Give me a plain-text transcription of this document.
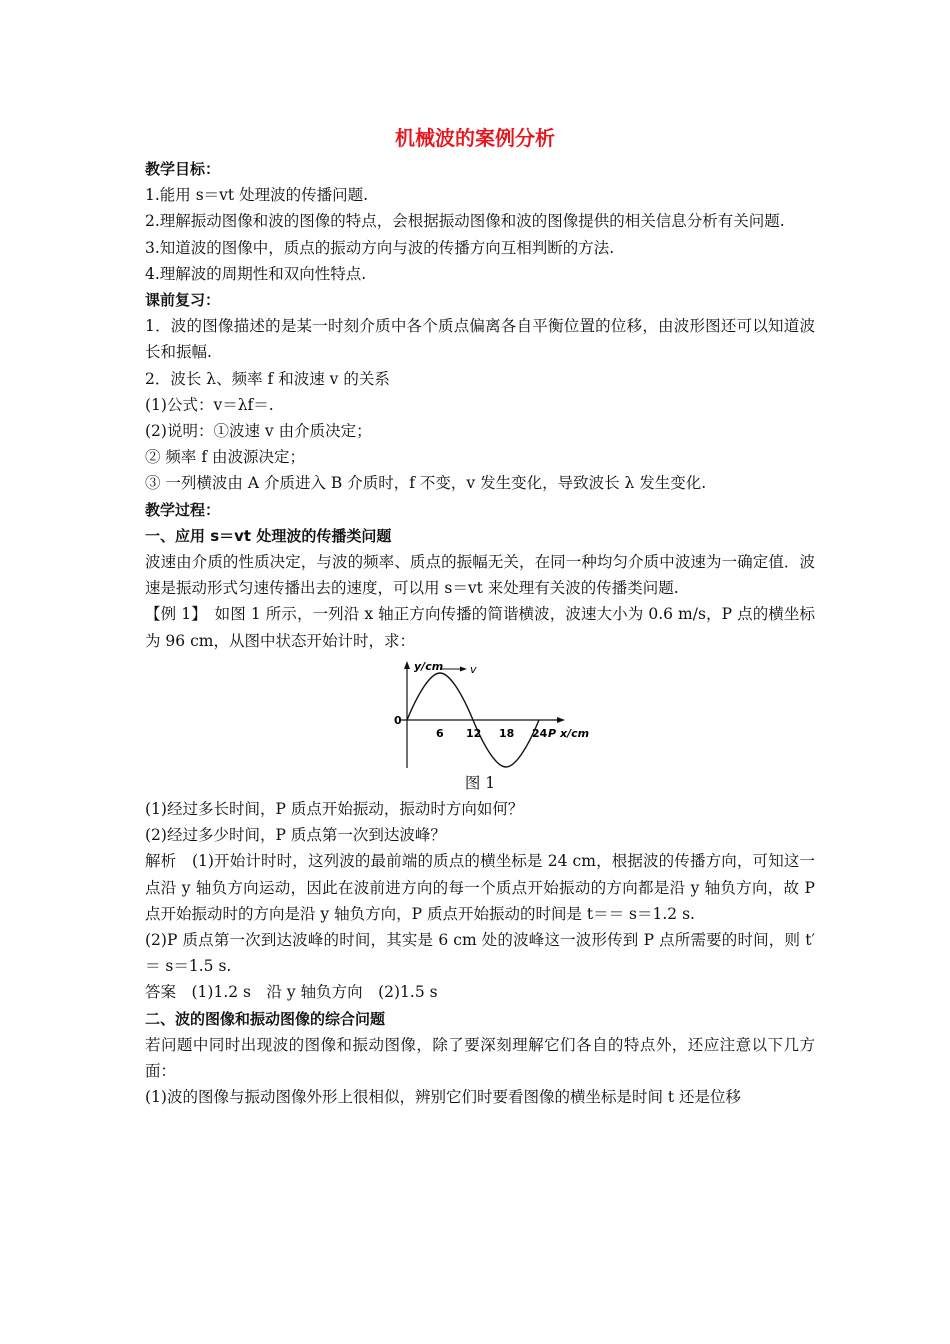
机械波的案例分析

教学目标：

1.能用 s＝vt 处理波的传播问题.

2.理解振动图像和波的图像的特点，会根据振动图像和波的图像提供的相关信息分析有关问题.

3.知道波的图像中，质点的振动方向与波的传播方向互相判断的方法.

4.理解波的周期性和双向性特点.

课前复习：

1．波的图像描述的是某一时刻介质中各个质点偏离各自平衡位置的位移，由波形图还可以知道波长和振幅.

2．波长 λ、频率 f 和波速 v 的关系

(1)公式：v＝λf＝.

(2)说明：①波速 v 由介质决定；

② 频率 f 由波源决定；

③ 一列横波由 A 介质进入 B 介质时，f 不变，v 发生变化，导致波长 λ 发生变化.

教学过程：

一、应用 s＝vt 处理波的传播类问题

波速由介质的性质决定，与波的频率、质点的振幅无关，在同一种均匀介质中波速为一确定值．波速是振动形式匀速传播出去的速度，可以用 s＝vt 来处理有关波的传播类问题.

【例 1】　如图 1 所示，一列沿 x 轴正方向传播的简谐横波，波速大小为 0.6 m/s，P 点的横坐标为 96 cm，从图中状态开始计时，求：

y/cm v
0
6 12 18 24 P x/cm

图 1

(1)经过多长时间，P 质点开始振动，振动时方向如何？

(2)经过多少时间，P 质点第一次到达波峰？

解析　(1)开始计时时，这列波的最前端的质点的横坐标是 24 cm，根据波的传播方向，可知这一点沿 y 轴负方向运动，因此在波前进方向的每一个质点开始振动的方向都是沿 y 轴负方向，故 P 点开始振动时的方向是沿 y 轴负方向，P 质点开始振动的时间是 t＝＝ s＝1.2 s.

(2)P 质点第一次到达波峰的时间，其实是 6 cm 处的波峰这一波形传到 P 点所需要的时间，则 t′ ＝ s＝1.5 s.

答案　(1)1.2 s　沿 y 轴负方向　(2)1.5 s

二、波的图像和振动图像的综合问题

若问题中同时出现波的图像和振动图像，除了要深刻理解它们各自的特点外，还应注意以下几方面：

(1)波的图像与振动图像外形上很相似，辨别它们时要看图像的横坐标是时间 t 还是位移
